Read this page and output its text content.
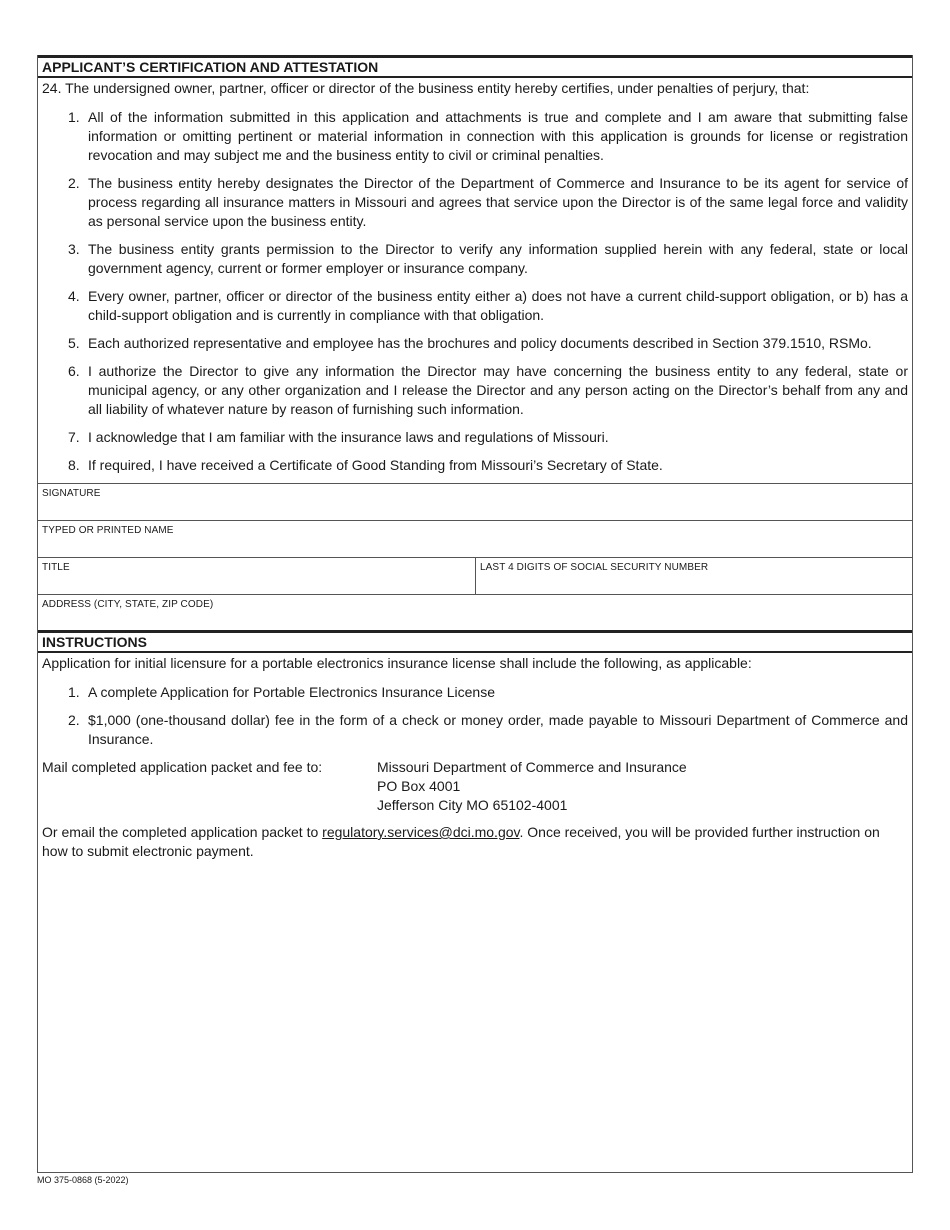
APPLICANT’S CERTIFICATION AND ATTESTATION
24. The undersigned owner, partner, officer or director of the business entity hereby certifies, under penalties of perjury, that:
1. All of the information submitted in this application and attachments is true and complete and I am aware that submitting false information or omitting pertinent or material information in connection with this application is grounds for license or registration revocation and may subject me and the business entity to civil or criminal penalties.
2. The business entity hereby designates the Director of the Department of Commerce and Insurance to be its agent for service of process regarding all insurance matters in Missouri and agrees that service upon the Director is of the same legal force and validity as personal service upon the business entity.
3. The business entity grants permission to the Director to verify any information supplied herein with any federal, state or local government agency, current or former employer or insurance company.
4. Every owner, partner, officer or director of the business entity either a) does not have a current child-support obligation, or b) has a child-support obligation and is currently in compliance with that obligation.
5. Each authorized representative and employee has the brochures and policy documents described in Section 379.1510, RSMo.
6. I authorize the Director to give any information the Director may have concerning the business entity to any federal, state or municipal agency, or any other organization and I release the Director and any person acting on the Director’s behalf from any and all liability of whatever nature by reason of furnishing such information.
7. I acknowledge that I am familiar with the insurance laws and regulations of Missouri.
8. If required, I have received a Certificate of Good Standing from Missouri’s Secretary of State.
SIGNATURE
TYPED OR PRINTED NAME
TITLE	LAST 4 DIGITS OF SOCIAL SECURITY NUMBER
ADDRESS (CITY, STATE, ZIP CODE)
INSTRUCTIONS
Application for initial licensure for a portable electronics insurance license shall include the following, as applicable:
1. A complete Application for Portable Electronics Insurance License
2. $1,000 (one-thousand dollar) fee in the form of a check or money order, made payable to Missouri Department of Commerce and Insurance.
Mail completed application packet and fee to:	Missouri Department of Commerce and Insurance
PO Box 4001
Jefferson City MO 65102-4001
Or email the completed application packet to regulatory.services@dci.mo.gov. Once received, you will be provided further instruction on how to submit electronic payment.
MO 375-0868 (5-2022)
